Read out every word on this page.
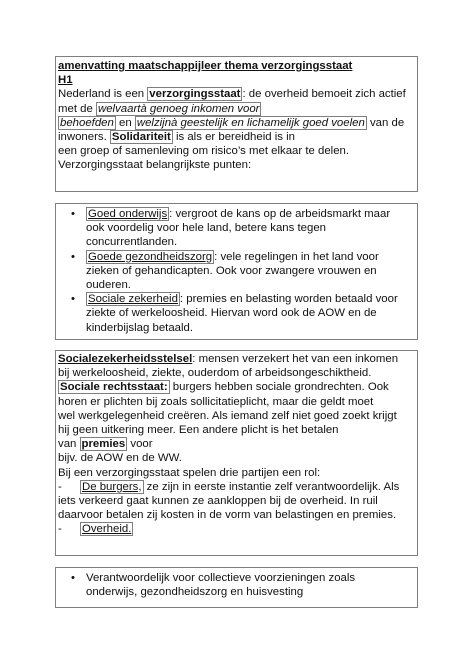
amenvatting maatschappijleer thema verzorgingsstaat
H1
Nederland is een verzorgingsstaat : de overheid bemoeit zich actief
met de welvaartà genoeg inkomen voor
behoefden en welzijnà geestelijk en lichamelijk goed voelen van de
inwoners. Solidariteit is als er bereidheid is in
een groep of samenleving om risico’s met elkaar te delen.
Verzorgingsstaat belangrijkste punten:
• Goed onderwijs : vergroot de kans op de arbeidsmarkt maar
ook voordelig voor hele land, betere kans tegen
concurrentlanden.
• Goede gezondheidszorg : vele regelingen in het land voor
zieken of gehandicapten. Ook voor zwangere vrouwen en
ouderen.
• Sociale zekerheid : premies en belasting worden betaald voor
ziekte of werkeloosheid. Hiervan word ook de AOW en de
kinderbijslag betaald.
Socialezekerheidsstelsel: mensen verzekert het van een inkomen
bij werkeloosheid, ziekte, ouderdom of arbeidsongeschiktheid.
Sociale rechtsstaat: burgers hebben sociale grondrechten. Ook
horen er plichten bij zoals sollicitatieplicht, maar die geldt moet
wel werkgelegenheid creëren. Als iemand zelf niet goed zoekt krijgt
hij geen uitkering meer. Een andere plicht is het betalen
van premies voor
bijv. de AOW en de WW.
Bij een verzorgingsstaat spelen drie partijen een rol:
- De burgers, ze zijn in eerste instantie zelf verantwoordelijk. Als
iets verkeerd gaat kunnen ze aankloppen bij de overheid. In ruil
daarvoor betalen zij kosten in de vorm van belastingen en premies.
- Overheid.
• Verantwoordelijk voor collectieve voorzieningen zoals
onderwijs, gezondheidszorg en huisvesting
